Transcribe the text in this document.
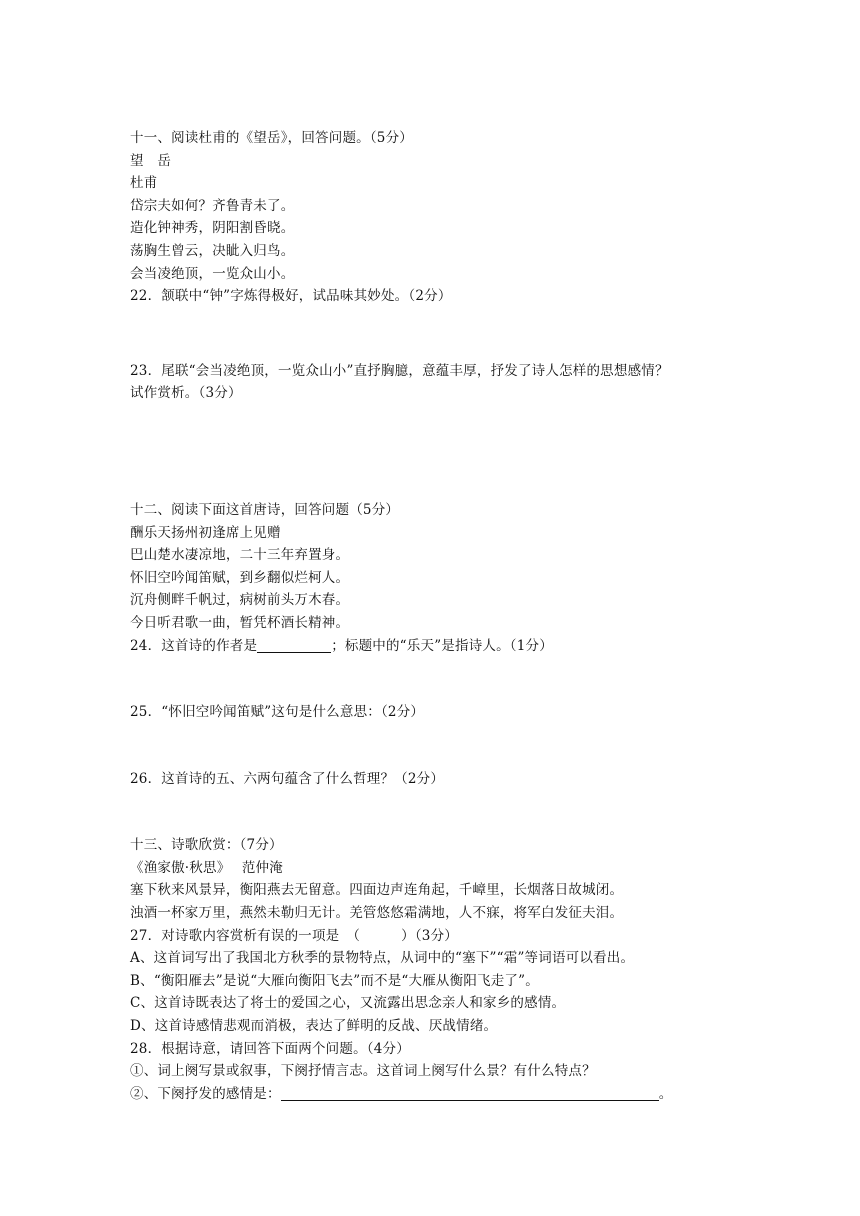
十一、阅读杜甫的《望岳》，回答问题。（5分）
望　岳
杜甫
岱宗夫如何？齐鲁青未了。
造化钟神秀，阴阳割昏晓。
荡胸生曾云，决眦入归鸟。
会当凌绝顶，一览众山小。
22．颔联中“钟”字炼得极好，试品味其妙处。（2分）
23．尾联“会当凌绝顶，一览众山小”直抒胸臆，意蕴丰厚，抒发了诗人怎样的思想感情？
试作赏析。（3分）
十二、阅读下面这首唐诗，回答问题（5分）
酬乐天扬州初逢席上见赠
巴山楚水凄凉地，二十三年弃置身。
怀旧空吟闻笛赋，到乡翻似烂柯人。
沉舟侧畔千帆过，病树前头万木春。
今日听君歌一曲，暂凭杯酒长精神。
24．这首诗的作者是	；标题中的“乐天”是指诗人。（1分）
25．“怀旧空吟闻笛赋”这句是什么意思：（2分）
26．这首诗的五、六两句蕴含了什么哲理？（2分）
十三、诗歌欣赏：（7分）
《渔家傲·秋思》　 范仲淹
塞下秋来风景异，衡阳燕去无留意。四面边声连角起，千嶂里，长烟落日故城闭。
浊酒一杯家万里，燕然未勒归无计。羌管悠悠霜满地，人不寐，将军白发征夫泪。
27．对诗歌内容赏析有误的一项是　（　　　）（3分）
A、这首词写出了我国北方秋季的景物特点，从词中的“塞下”“霜”等词语可以看出。
B、“衡阳雁去”是说“大雁向衡阳飞去”而不是“大雁从衡阳飞走了”。
C、这首诗既表达了将士的爱国之心，又流露出思念亲人和家乡的感情。
D、这首诗感情悲观而消极，表达了鲜明的反战、厌战情绪。
28．根据诗意，请回答下面两个问题。（4分）
①、词上阕写景或叙事，下阕抒情言志。这首词上阕写什么景？有什么特点？
②、下阕抒发的感情是：	。
